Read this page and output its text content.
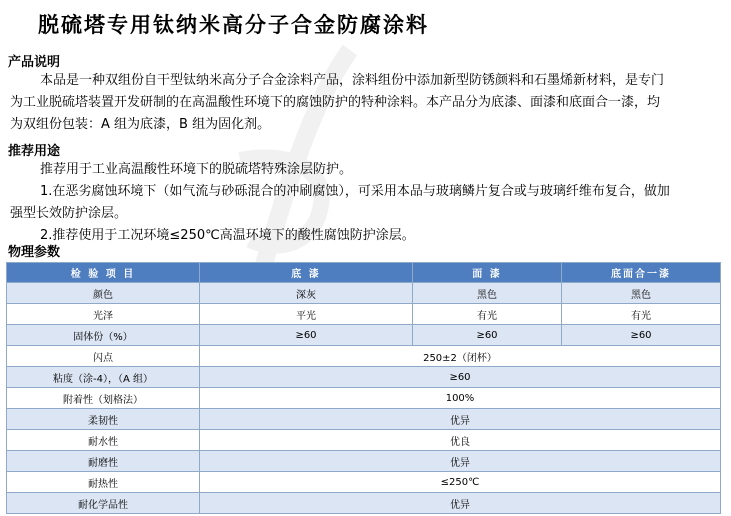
脱硫塔专用钛纳米高分子合金防腐涂料
产品说明
本品是一种双组份自干型钛纳米高分子合金涂料产品，涂料组份中添加新型防锈颜料和石墨烯新材料，是专门
为工业脱硫塔装置开发研制的在高温酸性环境下的腐蚀防护的特种涂料。本产品分为底漆、面漆和底面合一漆，均
为双组份包装：A 组为底漆，B 组为固化剂。
推荐用途
推荐用于工业高温酸性环境下的脱硫塔特殊涂层防护。
1.在恶劣腐蚀环境下（如气流与砂砾混合的冲刷腐蚀），可采用本品与玻璃鳞片复合或与玻璃纤维布复合，做加
强型长效防护涂层。
2.推荐使用于工况环境≤250℃高温环境下的酸性腐蚀防护涂层。
物理参数
检 验 项 目	底 漆	面 漆	底面合一漆
颜色	深灰	黑色	黑色
光泽	平光	有光	有光
固体份（%）	≥60	≥60	≥60
闪点	250±2（闭杯）		
粘度（涂-4），（A 组）	≥60		
附着性（划格法）	100%		
柔韧性	优异		
耐水性	优良		
耐磨性	优异		
耐热性	≤250℃		
耐化学品性	优异		
